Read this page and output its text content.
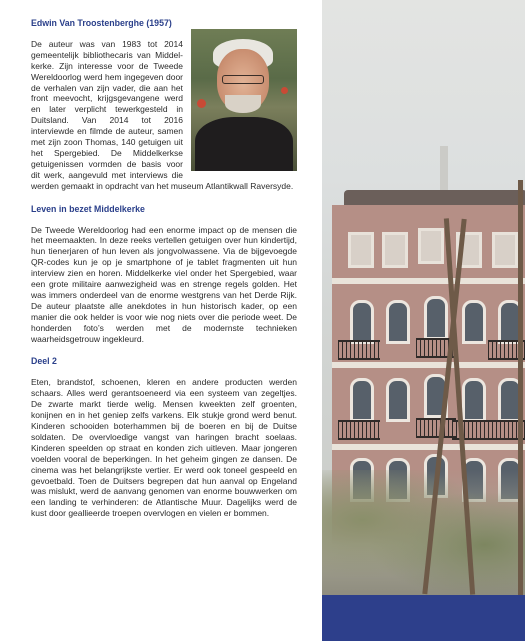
Edwin Van Troostenberghe (1957)

De auteur was van 1983 tot 2014 gemeentelijk bibliothecaris van Middel-kerke. Zijn interesse voor de Tweede Wereldoorlog werd hem ingegeven door de verhalen van zijn vader, die aan het front meevocht, krijgsgevangene werd en later verplicht tewerkgesteld in Duitsland. Van 2014 tot 2016 interviewde en filmde de auteur, samen met zijn zoon Thomas, 140 getuigen uit het Spergebied. De Middelkerkse getuigenissen vormden de basis voor dit werk, aangevuld met interviews die werden gemaakt in opdracht van het museum Atlantikwall Raversyde.

Leven in bezet Middelkerke

De Tweede Wereldoorlog had een enorme impact op de mensen die het meemaakten. In deze reeks vertellen getuigen over hun kindertijd, hun tienerjaren of hun leven als jongvolwassene. Via de bijgevoegde QR-codes kun je op je smartphone of je tablet fragmenten uit hun interview zien en horen. Middelkerke viel onder het Spergebied, waar een grote militaire aanwezigheid was en strenge regels golden. Het was immers onderdeel van de enorme westgrens van het Derde Rijk. De auteur plaatste alle anekdotes in hun historisch kader, op een manier die ook helder is voor wie nog niets over die periode weet. De honderden foto’s werden met de modernste technieken waarheidsgetrouw ingekleurd.

Deel 2

Eten, brandstof, schoenen, kleren en andere producten werden schaars. Alles werd gerantsoeneerd via een systeem van zegeltjes. De zwarte markt tierde welig. Mensen kweekten zelf groenten, konijnen en in het geniep zelfs varkens. Elk stukje grond werd benut. Kinderen schooiden boterhammen bij de boeren en bij de Duitse soldaten. De overvloedige vangst van haringen bracht soelaas. Kinderen speelden op straat en konden zich uitleven. Maar jongeren voelden vooral de beperkingen. In het geheim gingen ze dansen. De cinema was het belangrijkste vertier. Er werd ook toneel gespeeld en gevoetbald. Toen de Duitsers begrepen dat hun aanval op Engeland was mislukt, werd de aanvang genomen van enorme bouwwerken om een landing te verhinderen: de Atlantische Muur. Dagelijks werd de kust door geallieerde troepen overvlogen en vielen er bommen.
